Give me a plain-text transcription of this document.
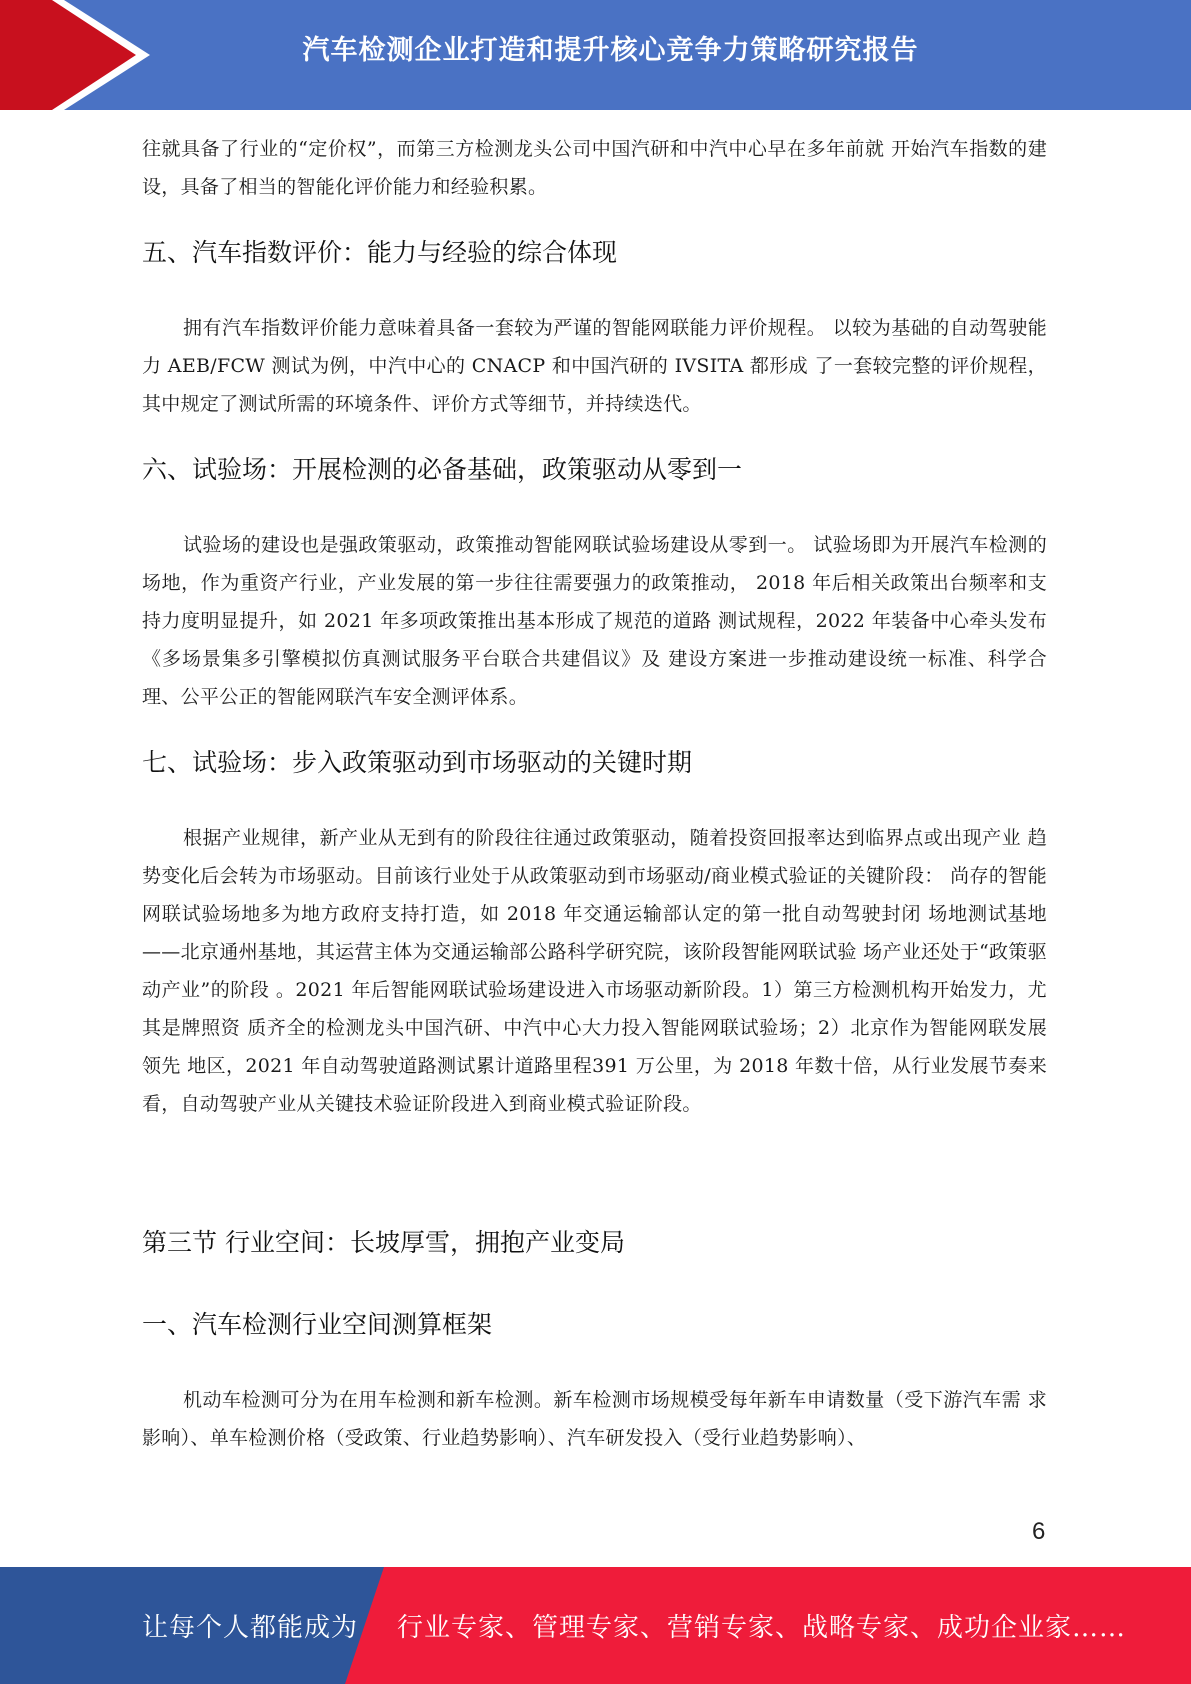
汽车检测企业打造和提升核心竞争力策略研究报告

往就具备了行业的“定价权”，而第三方检测龙头公司中国汽研和中汽中心早在多年前就 开始汽车指数的建设，具备了相当的智能化评价能力和经验积累。

五、汽车指数评价：能力与经验的综合体现

拥有汽车指数评价能力意味着具备一套较为严谨的智能网联能力评价规程。 以较为基础的自动驾驶能力 AEB/FCW 测试为例，中汽中心的 CNACP 和中国汽研的 IVSITA 都形成 了一套较完整的评价规程，其中规定了测试所需的环境条件、评价方式等细节，并持续迭代。

六、试验场：开展检测的必备基础，政策驱动从零到一

试验场的建设也是强政策驱动，政策推动智能网联试验场建设从零到一。 试验场即为开展汽车检测的场地，作为重资产行业，产业发展的第一步往往需要强力的政策推动， 2018 年后相关政策出台频率和支持力度明显提升，如 2021 年多项政策推出基本形成了规范的道路 测试规程，2022 年装备中心牵头发布《多场景集多引擎模拟仿真测试服务平台联合共建倡议》及 建设方案进一步推动建设统一标准、科学合理、公平公正的智能网联汽车安全测评体系。

七、试验场：步入政策驱动到市场驱动的关键时期

根据产业规律，新产业从无到有的阶段往往通过政策驱动，随着投资回报率达到临界点或出现产业 趋势变化后会转为市场驱动。目前该行业处于从政策驱动到市场驱动/商业模式验证的关键阶段： 尚存的智能网联试验场地多为地方政府支持打造，如 2018 年交通运输部认定的第一批自动驾驶封闭 场地测试基地——北京通州基地，其运营主体为交通运输部公路科学研究院，该阶段智能网联试验 场产业还处于“政策驱动产业”的阶段 。2021 年后智能网联试验场建设进入市场驱动新阶段。1）第三方检测机构开始发力，尤其是牌照资 质齐全的检测龙头中国汽研、中汽中心大力投入智能网联试验场；2）北京作为智能网联发展领先 地区，2021 年自动驾驶道路测试累计道路里程391 万公里，为 2018 年数十倍，从行业发展节奏来看，自动驾驶产业从关键技术验证阶段进入到商业模式验证阶段。

第三节 行业空间：长坡厚雪，拥抱产业变局
一、汽车检测行业空间测算框架

机动车检测可分为在用车检测和新车检测。新车检测市场规模受每年新车申请数量（受下游汽车需 求影响）、单车检测价格（受政策、行业趋势影响）、汽车研发投入（受行业趋势影响）、

6
让每个人都能成为 行业专家、管理专家、营销专家、战略专家、成功企业家……
